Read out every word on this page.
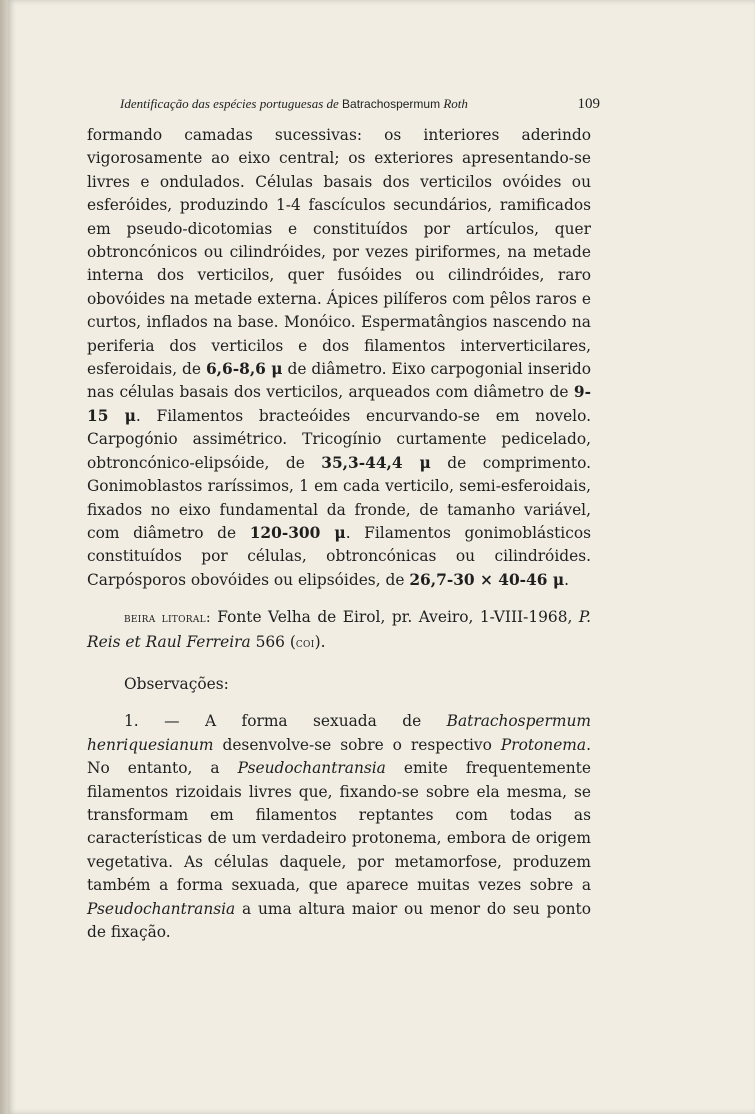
Identificação das espécies portuguesas de Batrachospermum Roth	109

formando camadas sucessivas: os interiores aderindo vigorosamente ao eixo central; os exteriores apresentando-se livres e ondulados. Células basais dos verticilos ovóides ou esferóides, produzindo 1-4 fascículos secundários, ramificados em pseudo-dicotomias e constituídos por artículos, quer obtroncónicos ou cilindróides, por vezes piriformes, na metade interna dos verticilos, quer fusóides ou cilindróides, raro obovóides na metade externa. Ápices pilíferos com pêlos raros e curtos, inflados na base. Monóico. Espermatângios nascendo na periferia dos verticilos e dos filamentos interverticilares, esferoidais, de 6,6-8,6 μ de diâmetro. Eixo carpogonial inserido nas células basais dos verticilos, arqueados com diâmetro de 9-15 μ. Filamentos bracteóides encurvando-se em novelo. Carpogónio assimétrico. Tricogínio curtamente pedicelado, obtroncónico-elipsóide, de 35,3-44,4 μ de comprimento. Gonimoblastos raríssimos, 1 em cada verticilo, semi-esferoidais, fixados no eixo fundamental da fronde, de tamanho variável, com diâmetro de 120-300 μ. Filamentos gonimoblásticos constituídos por células, obtroncónicas ou cilindróides. Carpósporos obovóides ou elipsóides, de 26,7-30 × 40-46 μ.

beira litoral: Fonte Velha de Eirol, pr. Aveiro, 1-VIII-1968, P. Reis et Raul Ferreira 566 (coi).

Observações:

1. — A forma sexuada de Batrachospermum henriquesianum desenvolve-se sobre o respectivo Protonema. No entanto, a Pseudochantransia emite frequentemente filamentos rizoidais livres que, fixando-se sobre ela mesma, se transformam em filamentos reptantes com todas as características de um verdadeiro protonema, embora de origem vegetativa. As células daquele, por metamorfose, produzem também a forma sexuada, que aparece muitas vezes sobre a Pseudochantransia a uma altura maior ou menor do seu ponto de fixação.
